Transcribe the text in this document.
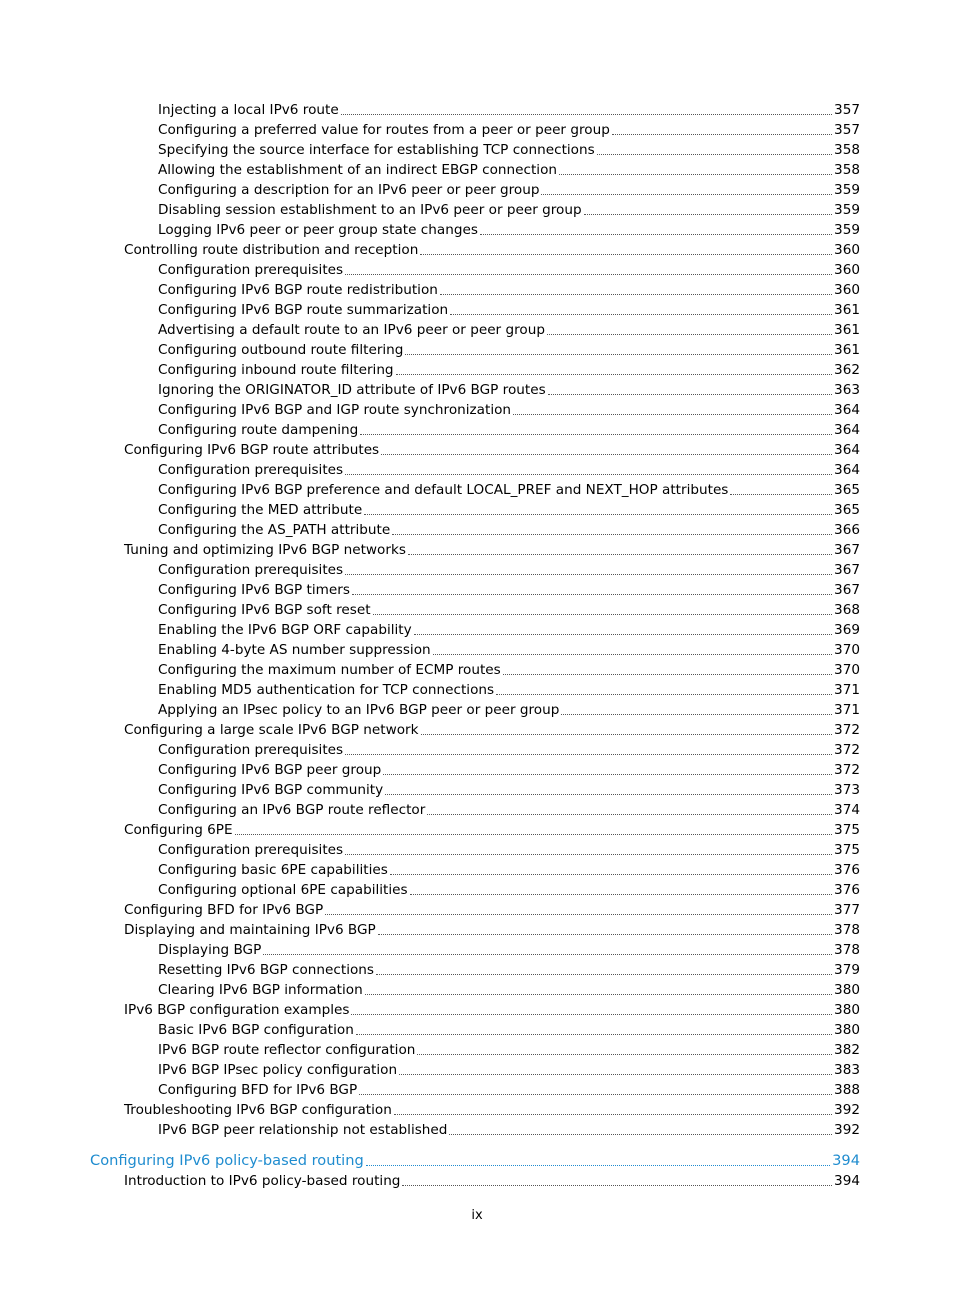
Injecting a local IPv6 route	357
Configuring a preferred value for routes from a peer or peer group	357
Specifying the source interface for establishing TCP connections	358
Allowing the establishment of an indirect EBGP connection	358
Configuring a description for an IPv6 peer or peer group	359
Disabling session establishment to an IPv6 peer or peer group	359
Logging IPv6 peer or peer group state changes	359
Controlling route distribution and reception	360
Configuration prerequisites	360
Configuring IPv6 BGP route redistribution	360
Configuring IPv6 BGP route summarization	361
Advertising a default route to an IPv6 peer or peer group	361
Configuring outbound route filtering	361
Configuring inbound route filtering	362
Ignoring the ORIGINATOR_ID attribute of IPv6 BGP routes	363
Configuring IPv6 BGP and IGP route synchronization	364
Configuring route dampening	364
Configuring IPv6 BGP route attributes	364
Configuration prerequisites	364
Configuring IPv6 BGP preference and default LOCAL_PREF and NEXT_HOP attributes	365
Configuring the MED attribute	365
Configuring the AS_PATH attribute	366
Tuning and optimizing IPv6 BGP networks	367
Configuration prerequisites	367
Configuring IPv6 BGP timers	367
Configuring IPv6 BGP soft reset	368
Enabling the IPv6 BGP ORF capability	369
Enabling 4-byte AS number suppression	370
Configuring the maximum number of ECMP routes	370
Enabling MD5 authentication for TCP connections	371
Applying an IPsec policy to an IPv6 BGP peer or peer group	371
Configuring a large scale IPv6 BGP network	372
Configuration prerequisites	372
Configuring IPv6 BGP peer group	372
Configuring IPv6 BGP community	373
Configuring an IPv6 BGP route reflector	374
Configuring 6PE	375
Configuration prerequisites	375
Configuring basic 6PE capabilities	376
Configuring optional 6PE capabilities	376
Configuring BFD for IPv6 BGP	377
Displaying and maintaining IPv6 BGP	378
Displaying BGP	378
Resetting IPv6 BGP connections	379
Clearing IPv6 BGP information	380
IPv6 BGP configuration examples	380
Basic IPv6 BGP configuration	380
IPv6 BGP route reflector configuration	382
IPv6 BGP IPsec policy configuration	383
Configuring BFD for IPv6 BGP	388
Troubleshooting IPv6 BGP configuration	392
IPv6 BGP peer relationship not established	392
Configuring IPv6 policy-based routing	394
Introduction to IPv6 policy-based routing	394
ix
